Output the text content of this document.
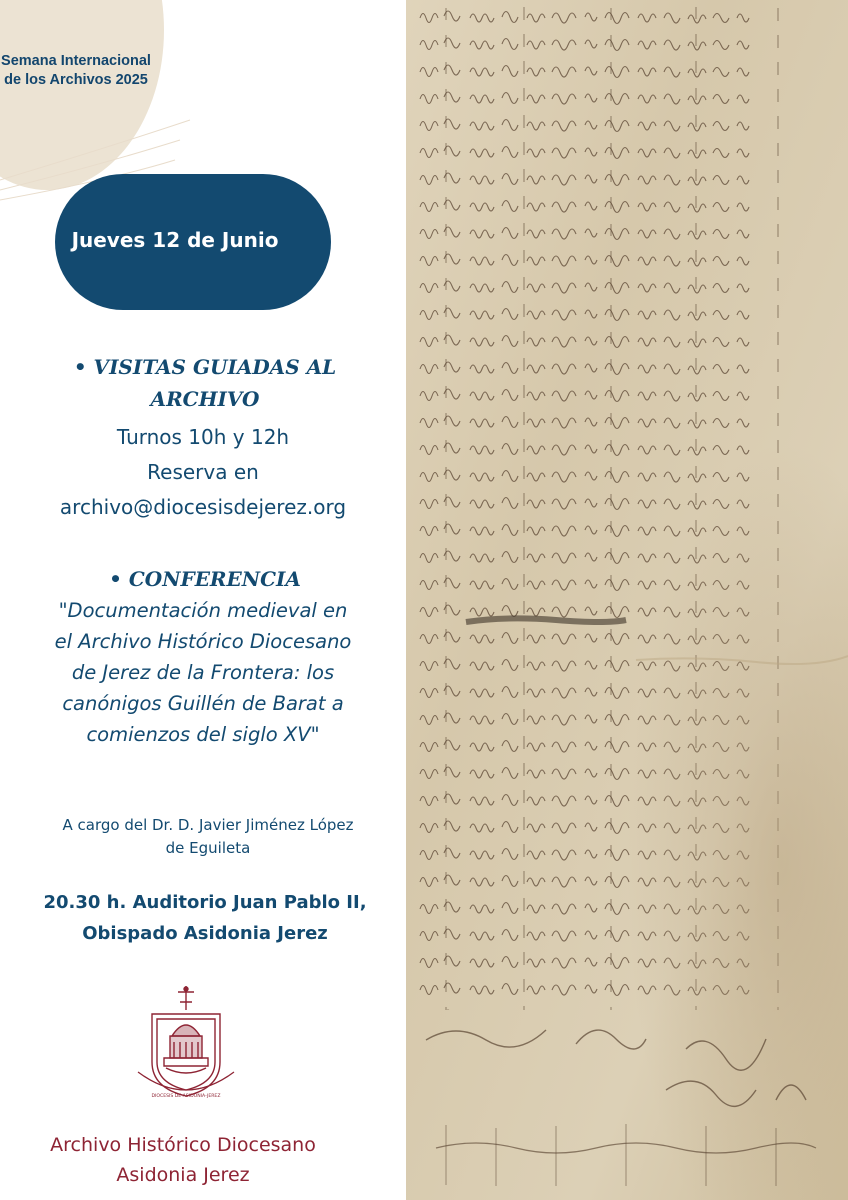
Semana Internacional
de los Archivos 2025
Jueves 12 de Junio
• VISITAS GUIADAS AL
ARCHIVO
Turnos 10h y 12h
Reserva en
archivo@diocesisdejerez.org
• CONFERENCIA
"Documentación medieval en
el Archivo Histórico Diocesano
de Jerez de la Frontera: los
canónigos Guillén de Barat a
comienzos del siglo XV"
A cargo del Dr. D. Javier Jiménez López
de Eguileta
20.30 h. Auditorio Juan Pablo II,
Obispado Asidonia Jerez
DIOCESIS DE ASIDONIA-JEREZ
Archivo Histórico Diocesano
Asidonia Jerez
